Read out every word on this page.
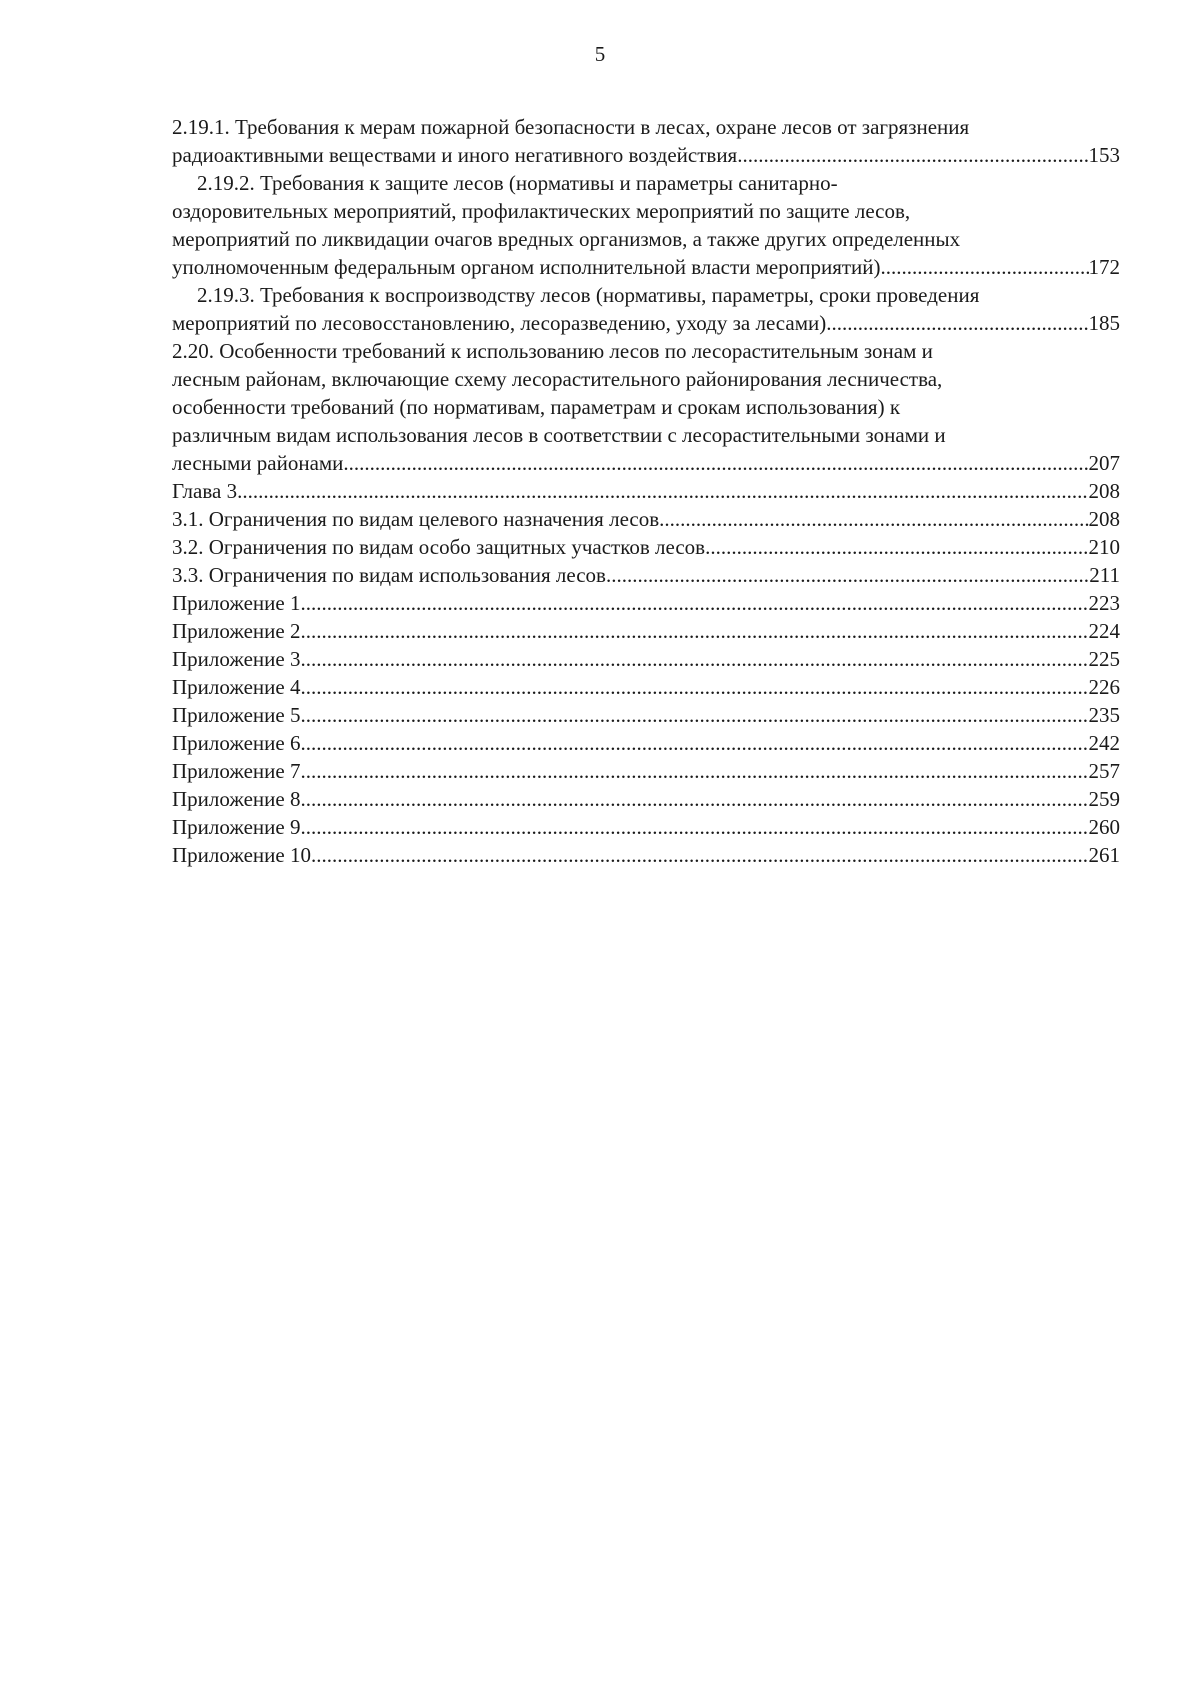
5
2.19.1. Требования к мерам пожарной безопасности в лесах, охране лесов от загрязнения
радиоактивными веществами и иного негативного воздействия .....	153
2.19.2. Требования к защите лесов (нормативы и параметры санитарно-
оздоровительных мероприятий, профилактических мероприятий по защите лесов,
мероприятий по ликвидации очагов вредных организмов, а также других определенных
уполномоченным федеральным органом исполнительной власти мероприятий) .....	172
2.19.3. Требования к воспроизводству лесов (нормативы, параметры, сроки проведения
мероприятий по лесовосстановлению, лесоразведению, уходу за лесами) .....	185
2.20. Особенности требований к использованию лесов по лесорастительным зонам и
лесным районам, включающие схему лесорастительного районирования лесничества,
особенности требований (по нормативам, параметрам и срокам использования) к
различным видам использования лесов в соответствии с лесорастительными зонами и
лесными районами .....	207
Глава 3. .....	208
3.1. Ограничения по видам целевого назначения лесов .....	208
3.2. Ограничения по видам особо защитных участков лесов .....	210
3.3. Ограничения по видам использования лесов .....	211
Приложение 1 .....	223
Приложение 2 .....	224
Приложение 3 .....	225
Приложение 4 .....	226
Приложение 5 .....	235
Приложение 6 .....	242
Приложение 7 .....	257
Приложение 8 .....	259
Приложение 9 .....	260
Приложение 10 .....	261
